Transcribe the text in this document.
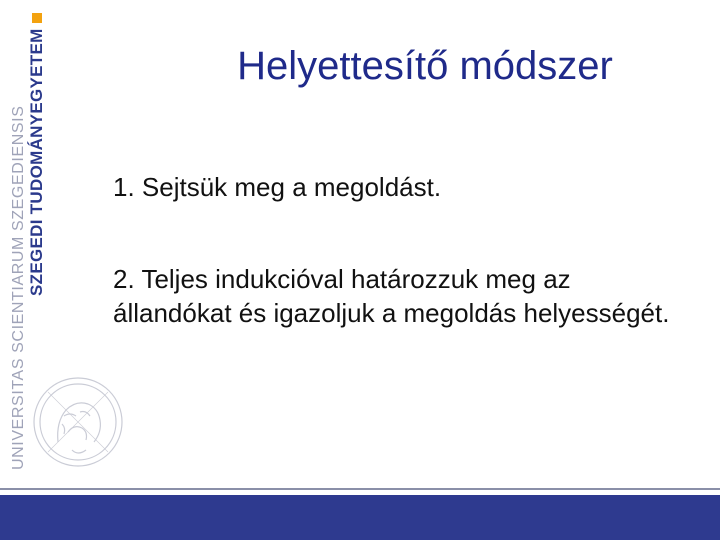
SZEGEDI TUDOMÁNYEGYETEM
UNIVERSITAS SCIENTIARUM SZEGEDIENSIS
Helyettesítő módszer
1. Sejtsük meg a megoldást.
2. Teljes indukcióval határozzuk meg az állandókat és igazoljuk a megoldás helyességét.
